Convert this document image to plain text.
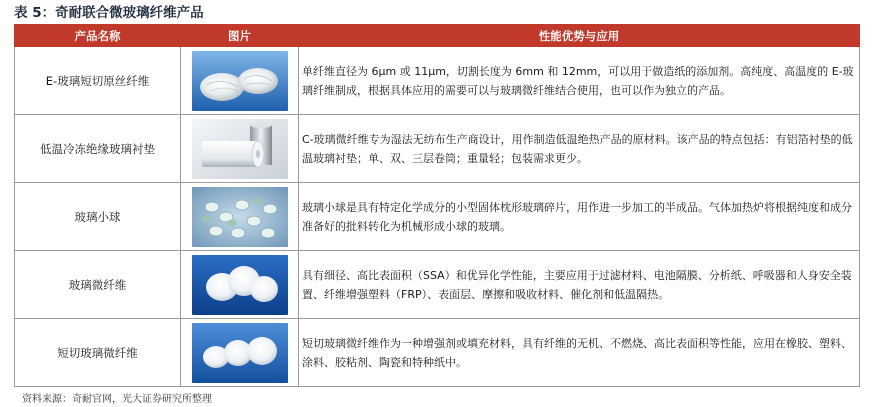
表 5：奇耐联合微玻璃纤维产品
产品名称	图片	性能优势与应用
E-玻璃短切原丝纤维		单纤维直径为 6μm 或 11μm，切割长度为 6mm 和 12mm，可以用于做造纸的添加剂。高纯度、高温度的 E-玻璃纤维制成，根据具体应用的需要可以与玻璃微纤维结合使用，也可以作为独立的产品。
低温冷冻绝缘玻璃衬垫		C-玻璃微纤维专为湿法无纺布生产商设计，用作制造低温绝热产品的原材料。该产品的特点包括：有铝箔衬垫的低温玻璃衬垫；单、双、三层卷筒；重量轻；包装需求更少。
玻璃小球		玻璃小球是具有特定化学成分的小型固体枕形玻璃碎片，用作进一步加工的半成品。气体加热炉将根据纯度和成分准备好的批料转化为机械形成小球的玻璃。
玻璃微纤维		具有细径、高比表面积（SSA）和优异化学性能，主要应用于过滤材料、电池隔膜、分析纸、呼吸器和人身安全装置、纤维增强塑料（FRP）、表面层、摩擦和吸收材料、催化剂和低温隔热。
短切玻璃微纤维		短切玻璃微纤维作为一种增强剂或填充材料，具有纤维的无机、不燃烧、高比表面积等性能，应用在橡胶、塑料、涂料、胶粘剂、陶瓷和特种纸中。
资料来源：奇耐官网，光大证券研究所整理
